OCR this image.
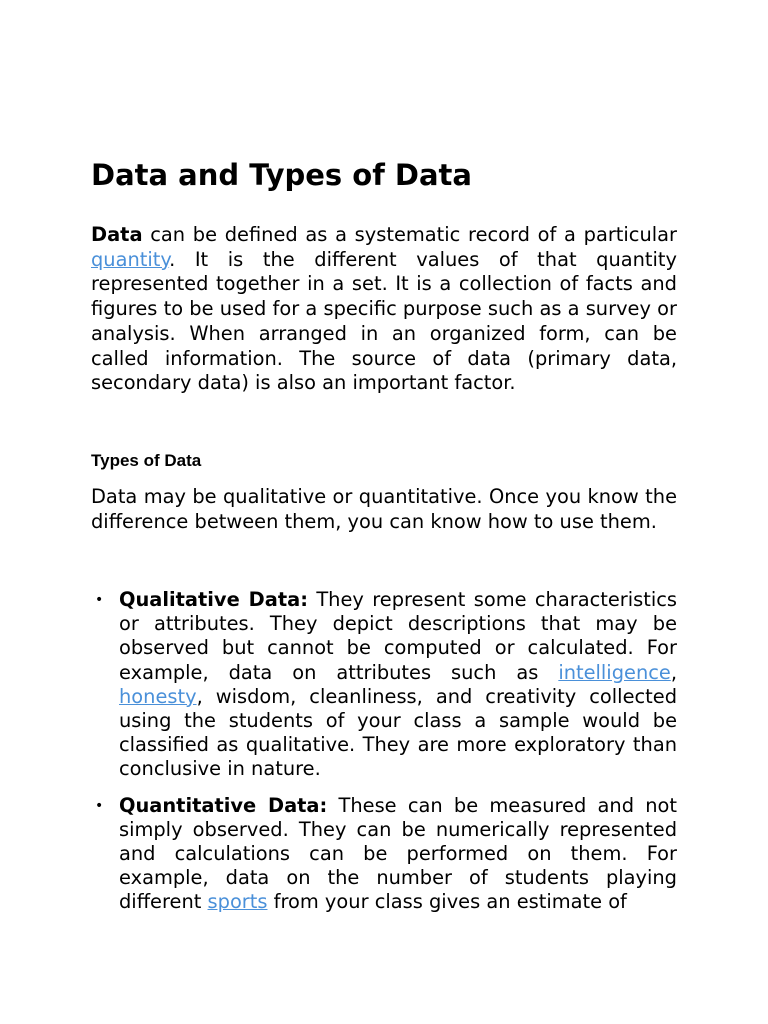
Data and Types of Data

Data can be defined as a systematic record of a particular quantity. It is the different values of that quantity represented together in a set. It is a collection of facts and figures to be used for a specific purpose such as a survey or analysis. When arranged in an organized form, can be called information. The source of data (primary data, secondary data) is also an important factor.

Types of Data

Data may be qualitative or quantitative. Once you know the difference between them, you can know how to use them.

• Qualitative Data: They represent some characteristics or attributes. They depict descriptions that may be observed but cannot be computed or calculated. For example, data on attributes such as intelligence, honesty, wisdom, cleanliness, and creativity collected using the students of your class a sample would be classified as qualitative. They are more exploratory than conclusive in nature.
• Quantitative Data: These can be measured and not simply observed. They can be numerically represented and calculations can be performed on them. For example, data on the number of students playing different sports from your class gives an estimate of
